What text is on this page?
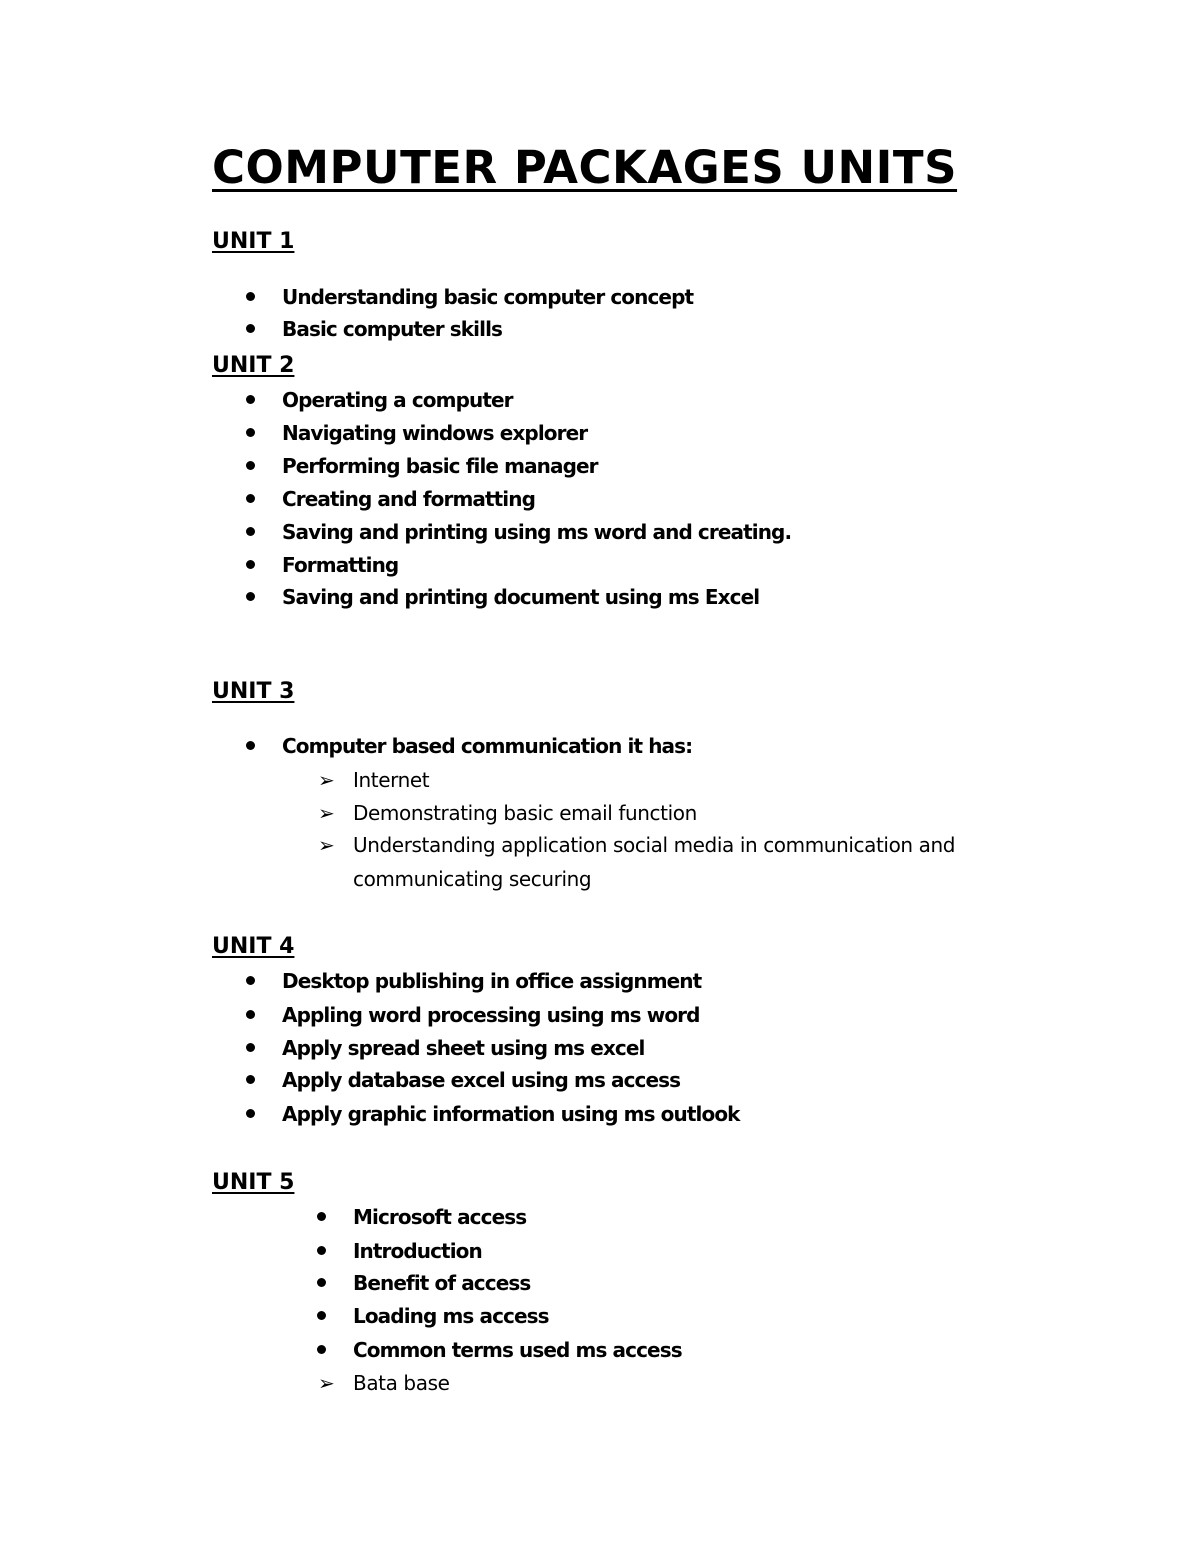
COMPUTER PACKAGES UNITS
UNIT 1
Understanding basic computer concept
Basic computer skills
UNIT 2
Operating a computer
Navigating windows explorer
Performing basic file manager
Creating and formatting
Saving and printing using ms word and creating.
Formatting
Saving and printing document using ms Excel
UNIT 3
Computer based communication it has:
➢ Internet
➢ Demonstrating basic email function
➢ Understanding application social media in communication and
communicating securing
UNIT 4
Desktop publishing in office assignment
Appling word processing using ms word
Apply spread sheet using ms excel
Apply database excel using ms access
Apply graphic information using ms outlook
UNIT 5
Microsoft access
Introduction
Benefit of access
Loading ms access
Common terms used ms access
➢ Bata base
